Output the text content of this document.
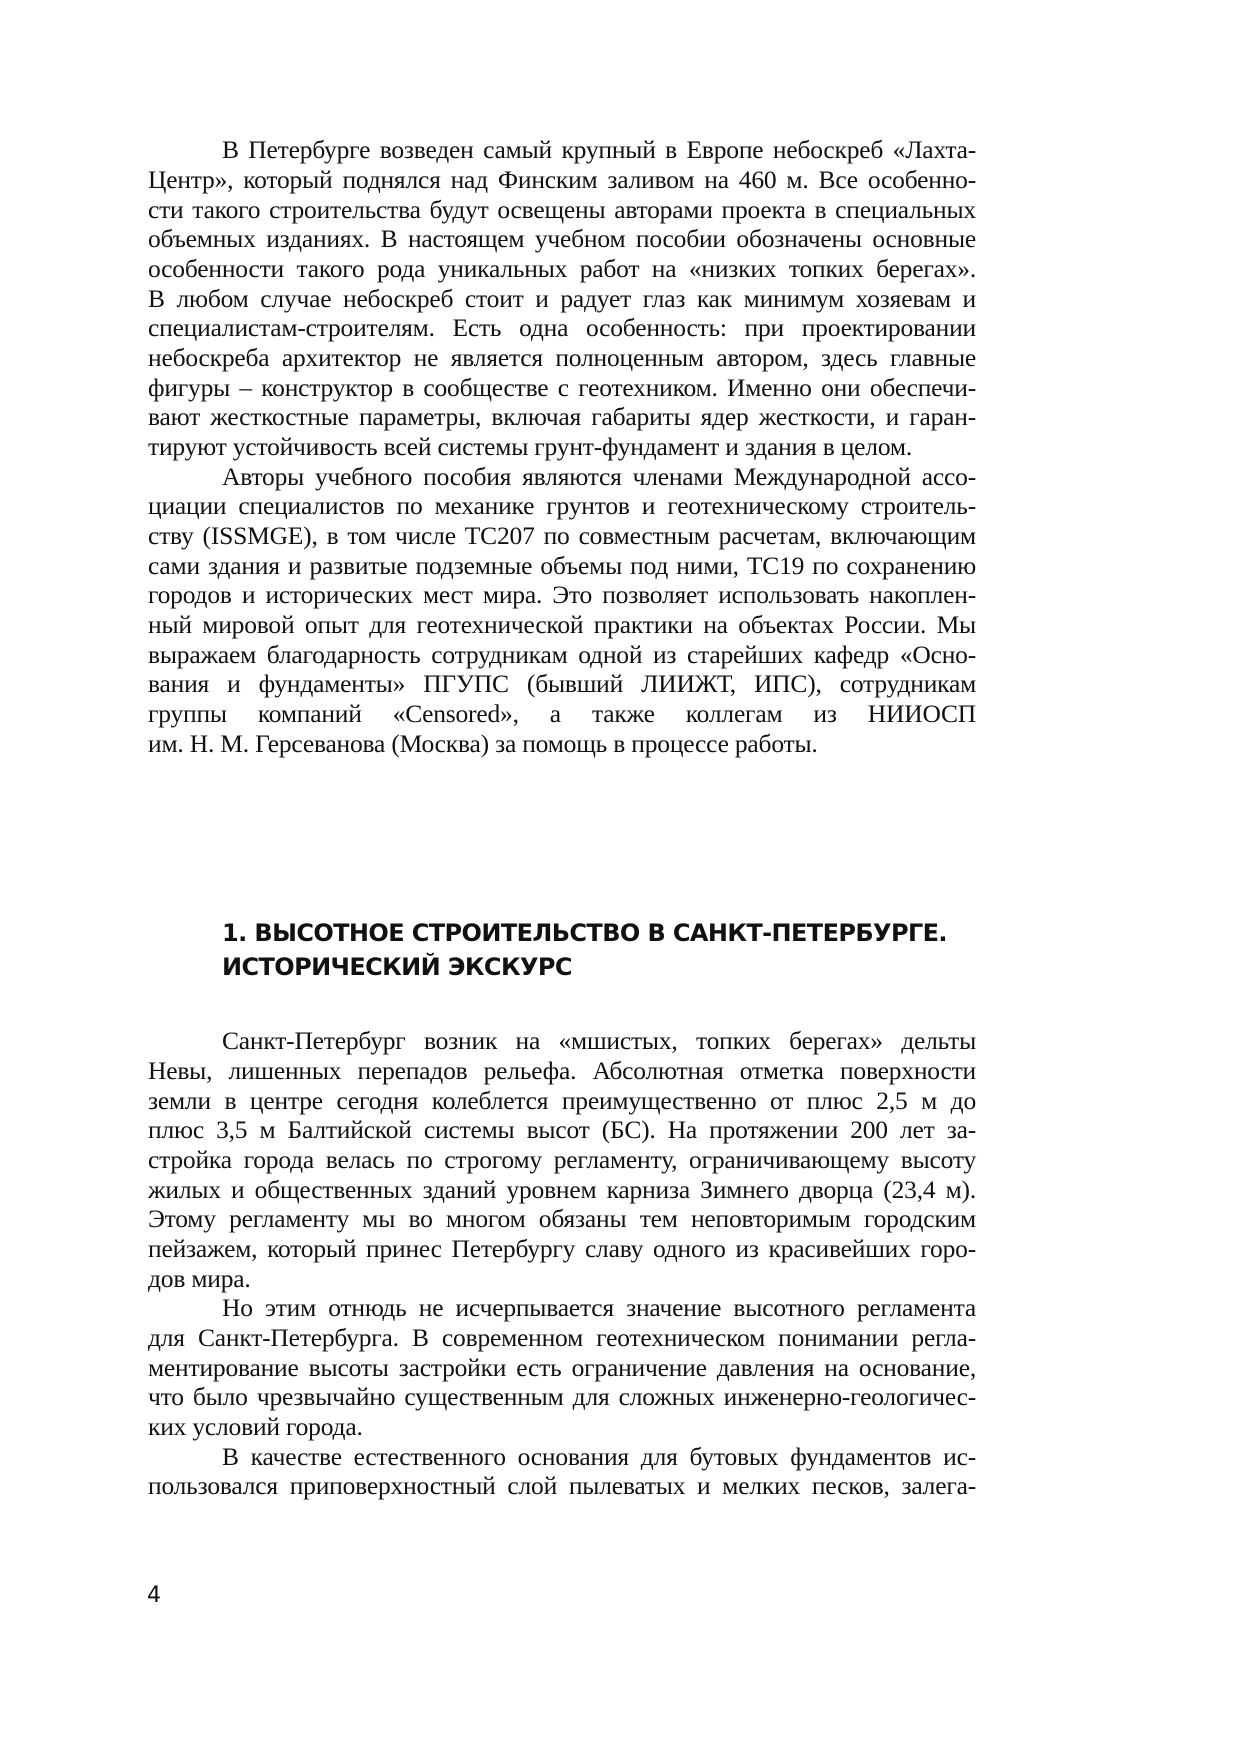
В Петербурге возведен самый крупный в Европе небоскреб «Лахта-
Центр», который поднялся над Финским заливом на 460 м. Все особенно-
сти такого строительства будут освещены авторами проекта в специальных
объемных изданиях. В настоящем учебном пособии обозначены основные
особенности такого рода уникальных работ на «низких топких берегах».
В любом случае небоскреб стоит и радует глаз как минимум хозяевам и
специалистам-строителям. Есть одна особенность: при проектировании
небоскреба архитектор не является полноценным автором, здесь главные
фигуры – конструктор в сообществе с геотехником. Именно они обеспечи-
вают жесткостные параметры, включая габариты ядер жесткости, и гаран-
тируют устойчивость всей системы грунт-фундамент и здания в целом.
Авторы учебного пособия являются членами Международной ассо-
циации специалистов по механике грунтов и геотехническому строитель-
ству (ISSMGE), в том числе TC207 по совместным расчетам, включающим
сами здания и развитые подземные объемы под ними, TC19 по сохранению
городов и исторических мест мира. Это позволяет использовать накоплен-
ный мировой опыт для геотехнической практики на объектах России. Мы
выражаем благодарность сотрудникам одной из старейших кафедр «Осно-
вания и фундаменты» ПГУПС (бывший ЛИИЖТ, ИПС), сотрудникам
группы компаний «Censored», а также коллегам из НИИОСП
им. Н. М. Герсеванова (Москва) за помощь в процессе работы.
1. ВЫСОТНОЕ СТРОИТЕЛЬСТВО В САНКТ-ПЕТЕРБУРГЕ.
ИСТОРИЧЕСКИЙ ЭКСКУРС
Санкт-Петербург возник на «мшистых, топких берегах» дельты
Невы, лишенных перепадов рельефа. Абсолютная отметка поверхности
земли в центре сегодня колеблется преимущественно от плюс 2,5 м до
плюс 3,5 м Балтийской системы высот (БС). На протяжении 200 лет за-
стройка города велась по строгому регламенту, ограничивающему высоту
жилых и общественных зданий уровнем карниза Зимнего дворца (23,4 м).
Этому регламенту мы во многом обязаны тем неповторимым городским
пейзажем, который принес Петербургу славу одного из красивейших горо-
дов мира.
Но этим отнюдь не исчерпывается значение высотного регламента
для Санкт-Петербурга. В современном геотехническом понимании регла-
ментирование высоты застройки есть ограничение давления на основание,
что было чрезвычайно существенным для сложных инженерно-геологичес-
ких условий города.
В качестве естественного основания для бутовых фундаментов ис-
пользовался приповерхностный слой пылеватых и мелких песков, залега-
4
